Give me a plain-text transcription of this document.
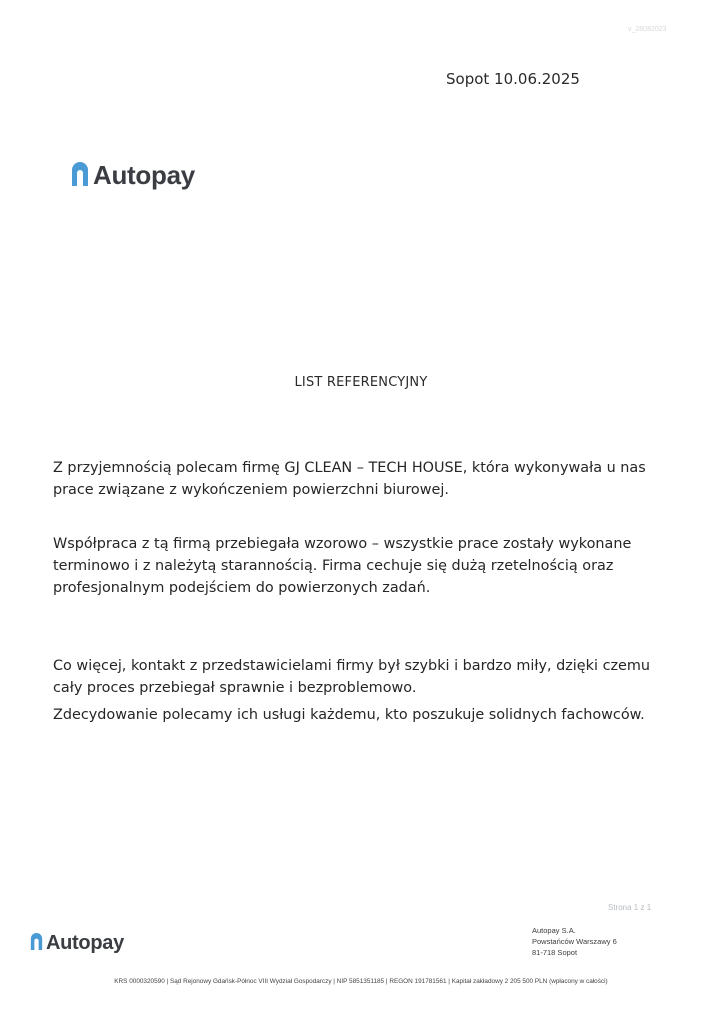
v_28082023
Sopot 10.06.2025
Autopay
LIST REFERENCYJNY
Z przyjemnością polecam firmę GJ CLEAN – TECH HOUSE, która wykonywała u nas prace związane z wykończeniem powierzchni biurowej.
Współpraca z tą firmą przebiegała wzorowo – wszystkie prace zostały wykonane terminowo i z należytą starannością. Firma cechuje się dużą rzetelnością oraz profesjonalnym podejściem do powierzonych zadań.
Co więcej, kontakt z przedstawicielami firmy był szybki i bardzo miły, dzięki czemu cały proces przebiegał sprawnie i bezproblemowo.
Zdecydowanie polecamy ich usługi każdemu, kto poszukuje solidnych fachowców.
Strona 1 z 1
Autopay
Autopay S.A.
Powstańców Warszawy 6
81-718 Sopot
KRS 0000320590 | Sąd Rejonowy Gdańsk-Północ VIII Wydział Gospodarczy | NIP 5851351185 | REGON 191781561 | Kapitał zakładowy 2 205 500 PLN (wpłacony w całości)
